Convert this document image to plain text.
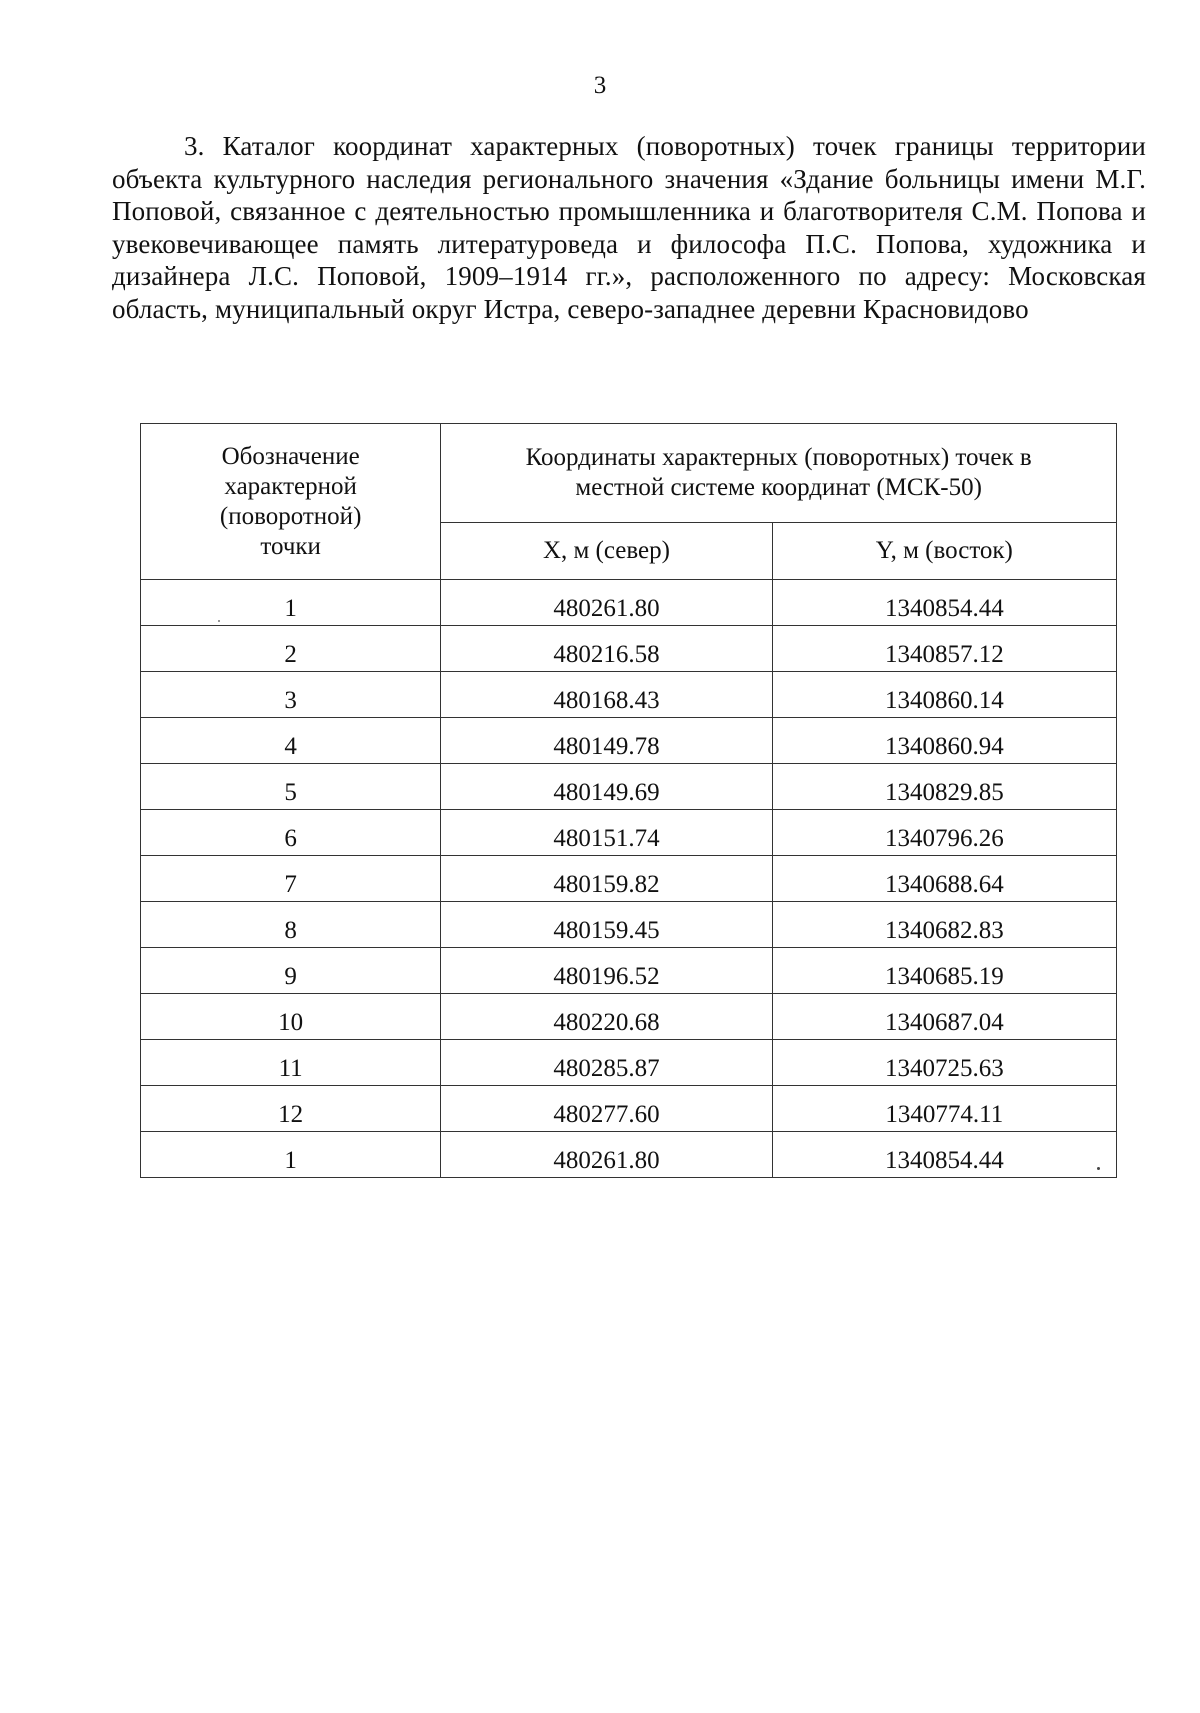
3

3. Каталог координат характерных (поворотных) точек границы территории объекта культурного наследия регионального значения «Здание больницы имени М.Г. Поповой, связанное с деятельностью промышленника и благотворителя С.М. Попова и увековечивающее память литературоведа и философа П.С. Попова, художника и дизайнера Л.С. Поповой, 1909–1914 гг.», расположенного по адресу: Московская область, муниципальный округ Истра, северо-западнее деревни Красновидово

Обозначение характерной (поворотной) точки	Координаты характерных (поворотных) точек в местной системе координат (МСК-50)	
	X, м (север)	Y, м (восток)
1	480261.80	1340854.44
2	480216.58	1340857.12
3	480168.43	1340860.14
4	480149.78	1340860.94
5	480149.69	1340829.85
6	480151.74	1340796.26
7	480159.82	1340688.64
8	480159.45	1340682.83
9	480196.52	1340685.19
10	480220.68	1340687.04
11	480285.87	1340725.63
12	480277.60	1340774.11
1	480261.80	1340854.44
